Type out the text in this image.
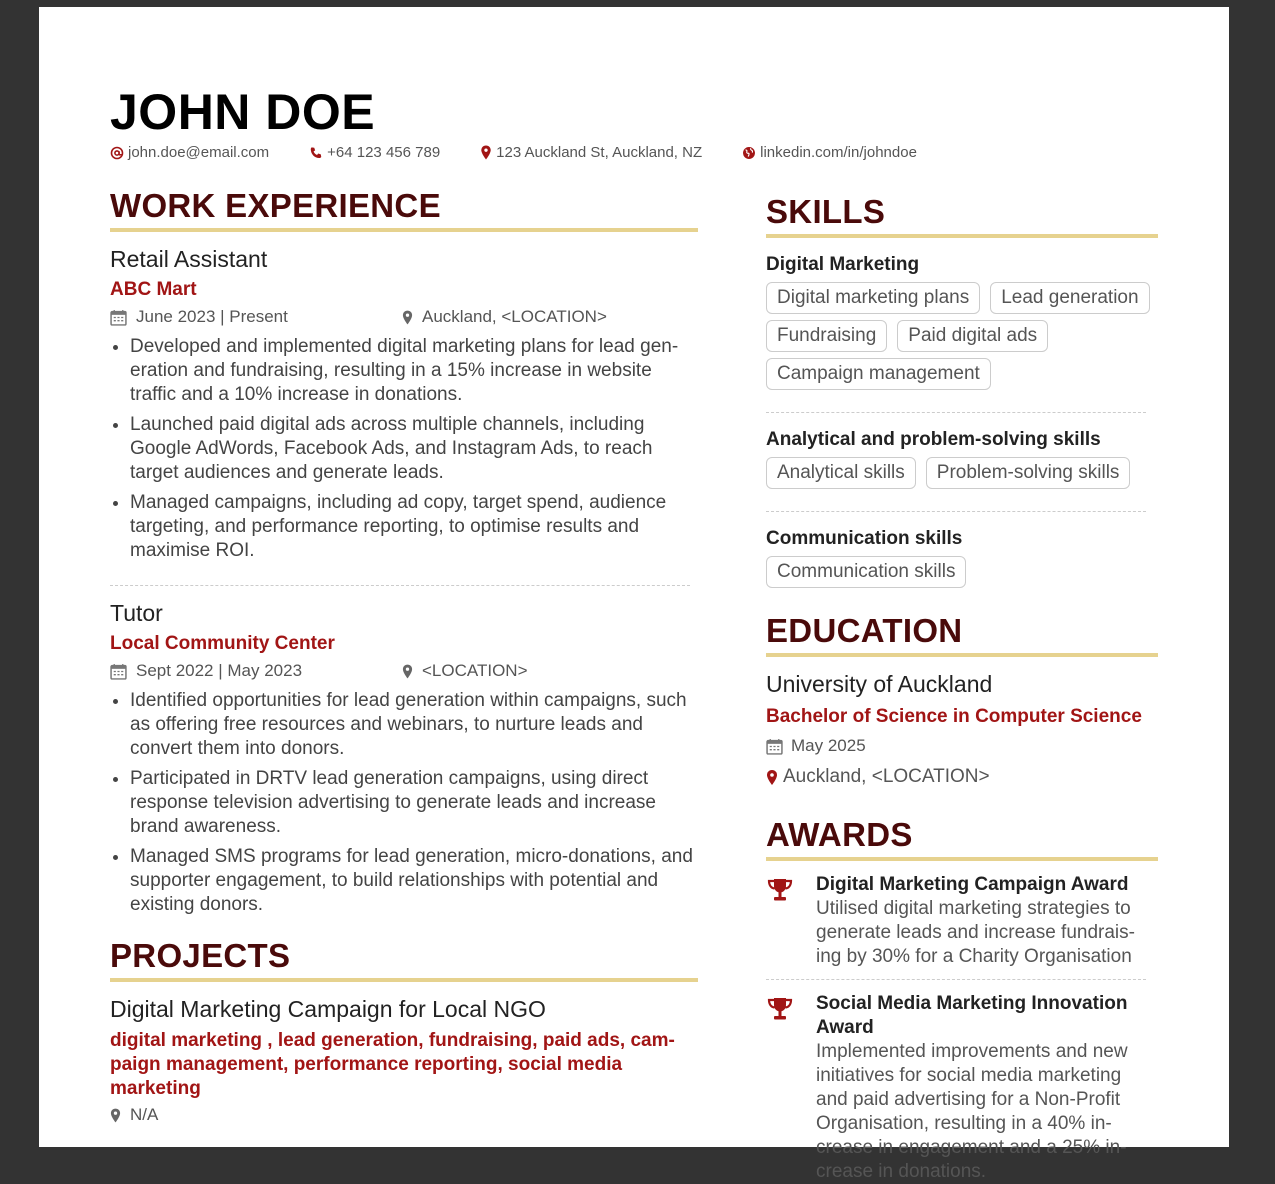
JOHN DOE
john.doe@email.com	+64 123 456 789	123 Auckland St, Auckland, NZ	linkedin.com/in/johndoe
WORK EXPERIENCE
Retail Assistant
ABC Mart
June 2023 | Present	Auckland, <LOCATION>
• Developed and implemented digital marketing plans for lead generation and fundraising, resulting in a 15% increase in website traffic and a 10% increase in donations.
• Launched paid digital ads across multiple channels, including Google AdWords, Facebook Ads, and Instagram Ads, to reach target audiences and generate leads.
• Managed campaigns, including ad copy, target spend, audience targeting, and performance reporting, to optimise results and maximise ROI.
Tutor
Local Community Center
Sept 2022 | May 2023	<LOCATION>
• Identified opportunities for lead generation within campaigns, such as offering free resources and webinars, to nurture leads and convert them into donors.
• Participated in DRTV lead generation campaigns, using direct response television advertising to generate leads and increase brand awareness.
• Managed SMS programs for lead generation, micro-donations, and supporter engagement, to build relationships with potential and existing donors.
PROJECTS
Digital Marketing Campaign for Local NGO
digital marketing , lead generation, fundraising, paid ads, campaign management, performance reporting, social media marketing
N/A
SKILLS
Digital Marketing
Digital marketing plans	Lead generation
Fundraising	Paid digital ads
Campaign management
Analytical and problem-solving skills
Analytical skills	Problem-solving skills
Communication skills
Communication skills
EDUCATION
University of Auckland
Bachelor of Science in Computer Science
May 2025
Auckland, <LOCATION>
AWARDS
Digital Marketing Campaign Award
Utilised digital marketing strategies to generate leads and increase fundraising by 30% for a Charity Organisation
Social Media Marketing Innovation Award
Implemented improvements and new initiatives for social media marketing and paid advertising for a Non-Profit Organisation, resulting in a 40% increase in engagement and a 25% increase in donations.
